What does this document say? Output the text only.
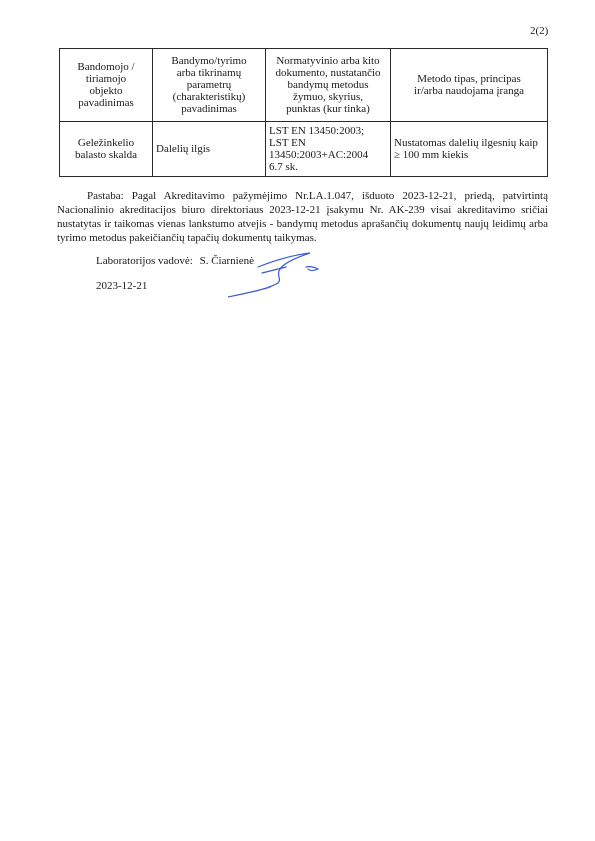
2(2)
Bandomojo /
tiriamojo
objekto
pavadinimas	Bandymo/tyrimo
arba tikrinamų
parametrų
(charakteristikų)
pavadinimas	Normatyvinio arba kito
dokumento, nustatančio
bandymų metodus
žymuo, skyrius,
punktas (kur tinka)	Metodo tipas, principas
ir/arba naudojama įranga

Geležinkelio
balasto skalda	Dalelių ilgis	LST EN 13450:2003;
LST EN
13450:2003+AC:2004
6.7 sk.	Nustatomas dalelių ilgesnių kaip
≥ 100 mm kiekis

Pastaba: Pagal Akreditavimo pažymėjimo Nr.LA.1.047, išduoto 2023-12-21, priedą, patvirtintą Nacionalinio akreditacijos biuro direktoriaus 2023-12-21 įsakymu Nr. AK-239 visai akreditavimo sričiai nustatytas ir taikomas vienas lankstumo atvejis - bandymų metodus aprašančių dokumentų naujų leidimų arba tyrimo metodus pakeičiančių tapačių dokumentų taikymas.

Laboratorijos vadovė: S. Čiarnienė
2023-12-21
